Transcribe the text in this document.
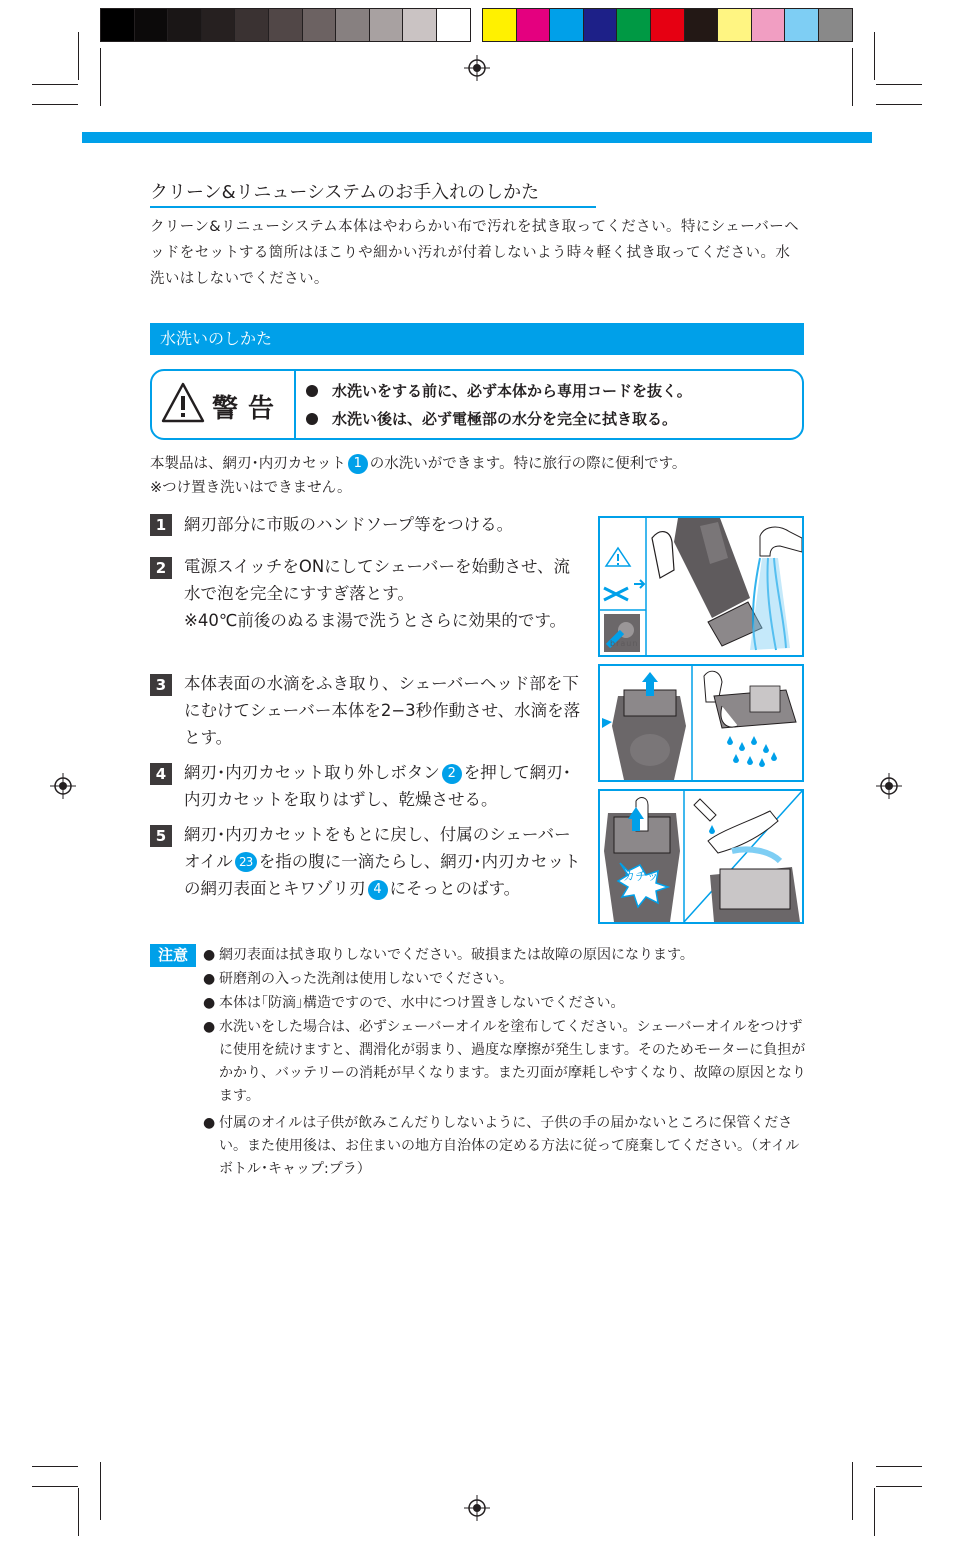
クリーン&リニューシステムのお手入れのしかた
クリーン&リニューシステム本体はやわらかい布で汚れを拭き取ってください。特にシェーバーヘッドをセットする箇所はほこりや細かい汚れが付着しないよう時々軽く拭き取ってください。水洗いはしないでください。
水洗いのしかた
警告
水洗いをする前に、必ず本体から専用コードを抜く。
水洗い後は、必ず電極部の水分を完全に拭き取る。
本製品は、網刃･内刃カセット 1 の水洗いができます。特に旅行の際に便利です。
※つけ置き洗いはできません。
1	網刃部分に市販のハンドソープ等をつける。
2	電源スイッチをONにしてシェーバーを始動させ、流水で泡を完全にすすぎ落とす。
※40℃前後のぬるま湯で洗うとさらに効果的です。
3	本体表面の水滴をふき取り、シェーバーヘッド部を下にむけてシェーバー本体を2−3秒作動させ、水滴を落とす。
4	網刃･内刃カセット取り外しボタン 2 を押して網刃･内刃カセットを取りはずし、乾燥させる。
5	網刃･内刃カセットをもとに戻し、付属のシェーバーオイル 23 を指の腹に一滴たらし、網刃･内刃カセットの網刃表面とキワゾリ刃 4 にそっとのばす。
カチッ
braun
注意	● 網刃表面は拭き取りしないでください。破損または故障の原因になります。
● 研磨剤の入った洗剤は使用しないでください。
● 本体は｢防滴｣構造ですので、水中につけ置きしないでください。
● 水洗いをした場合は、必ずシェーバーオイルを塗布してください。シェーバーオイルをつけずに使用を続けますと、潤滑化が弱まり、過度な摩擦が発生します。そのためモーターに負担がかかり、バッテリーの消耗が早くなります。また刃面が摩耗しやすくなり、故障の原因となります。
● 付属のオイルは子供が飲みこんだりしないように、子供の手の届かないところに保管ください。また使用後は、お住まいの地方自治体の定める方法に従って廃棄してください。（オイルボトル･キャップ:プラ）
